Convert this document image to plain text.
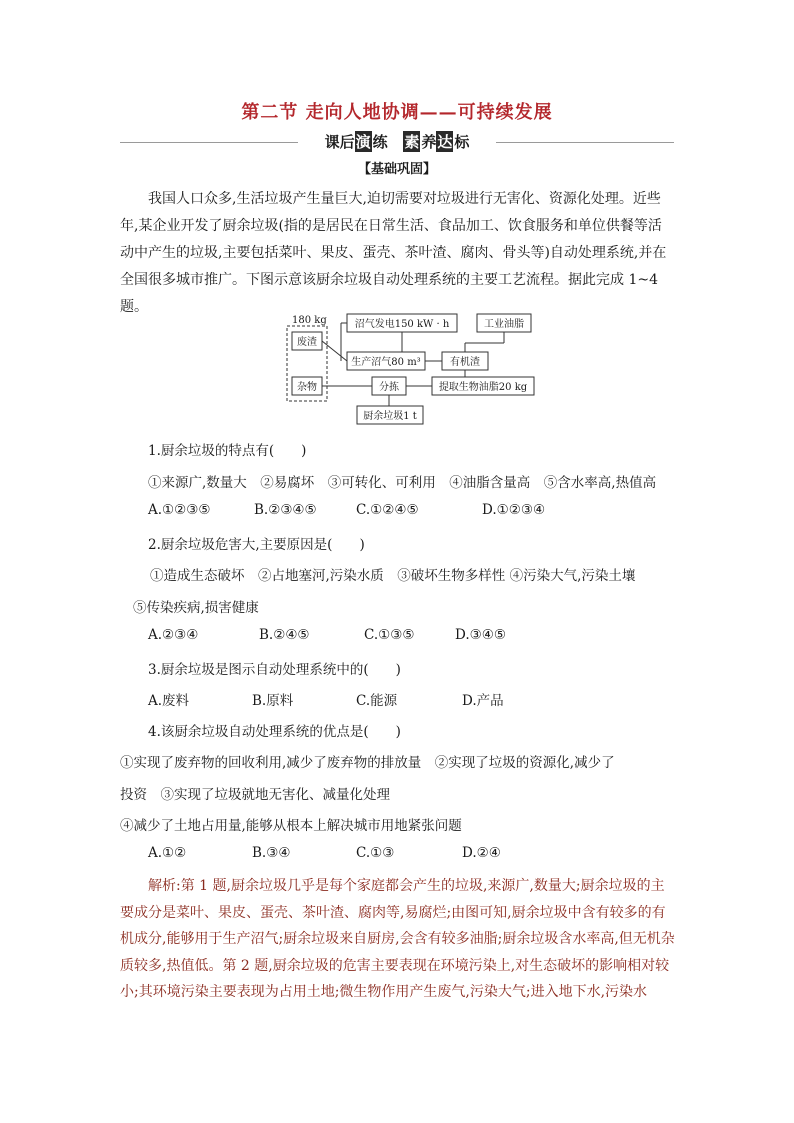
第二节 走向人地协调——可持续发展
课后演 练 素 养达 标
【基础巩固】
我国人口众多,生活垃圾产生量巨大,迫切需要对垃圾进行无害化、资源化处理。近些年,某企业开发了厨余垃圾(指的是居民在日常生活、食品加工、饮食服务和单位供餐等活动中产生的垃圾,主要包括菜叶、果皮、蛋壳、茶叶渣、腐肉、骨头等)自动处理系统,并在全国很多城市推广。下图示意该厨余垃圾自动处理系统的主要工艺流程。据此完成 1~4 题。
180 kg
废渣
杂物
沼气发电150 kW · h
生产沼气80 m³
工业油脂
有机渣
分拣	提取生物油脂20 kg
厨余垃圾1 t
1.厨余垃圾的特点有(　　)
①来源广,数量大　②易腐坏　③可转化、可利用　④油脂含量高　⑤含水率高,热值高
A.①②③⑤	B.②③④⑤	C.①②④⑤	D.①②③④
2.厨余垃圾危害大,主要原因是(　　)
①造成生态破坏　②占地塞河,污染水质　③破坏生物多样性 ④污染大气,污染土壤
⑤传染疾病,损害健康
A.②③④	B.②④⑤	C.①③⑤	D.③④⑤
3.厨余垃圾是图示自动处理系统中的(　　)
A.废料	B.原料	C.能源	D.产品
4.该厨余垃圾自动处理系统的优点是(　　)
①实现了废弃物的回收利用,减少了废弃物的排放量　②实现了垃圾的资源化,减少了
投资　③实现了垃圾就地无害化、减量化处理
④减少了土地占用量,能够从根本上解决城市用地紧张问题
A.①②	B.③④	C.①③	D.②④
解析:第 1 题,厨余垃圾几乎是每个家庭都会产生的垃圾,来源广,数量大;厨余垃圾的主要成分是菜叶、果皮、蛋壳、茶叶渣、腐肉等,易腐烂;由图可知,厨余垃圾中含有较多的有机成分,能够用于生产沼气;厨余垃圾来自厨房,会含有较多油脂;厨余垃圾含水率高,但无机杂质较多,热值低。第 2 题,厨余垃圾的危害主要表现在环境污染上,对生态破坏的影响相对较小;其环境污染主要表现为占用土地;微生物作用产生废气,污染大气;进入地下水,污染水
